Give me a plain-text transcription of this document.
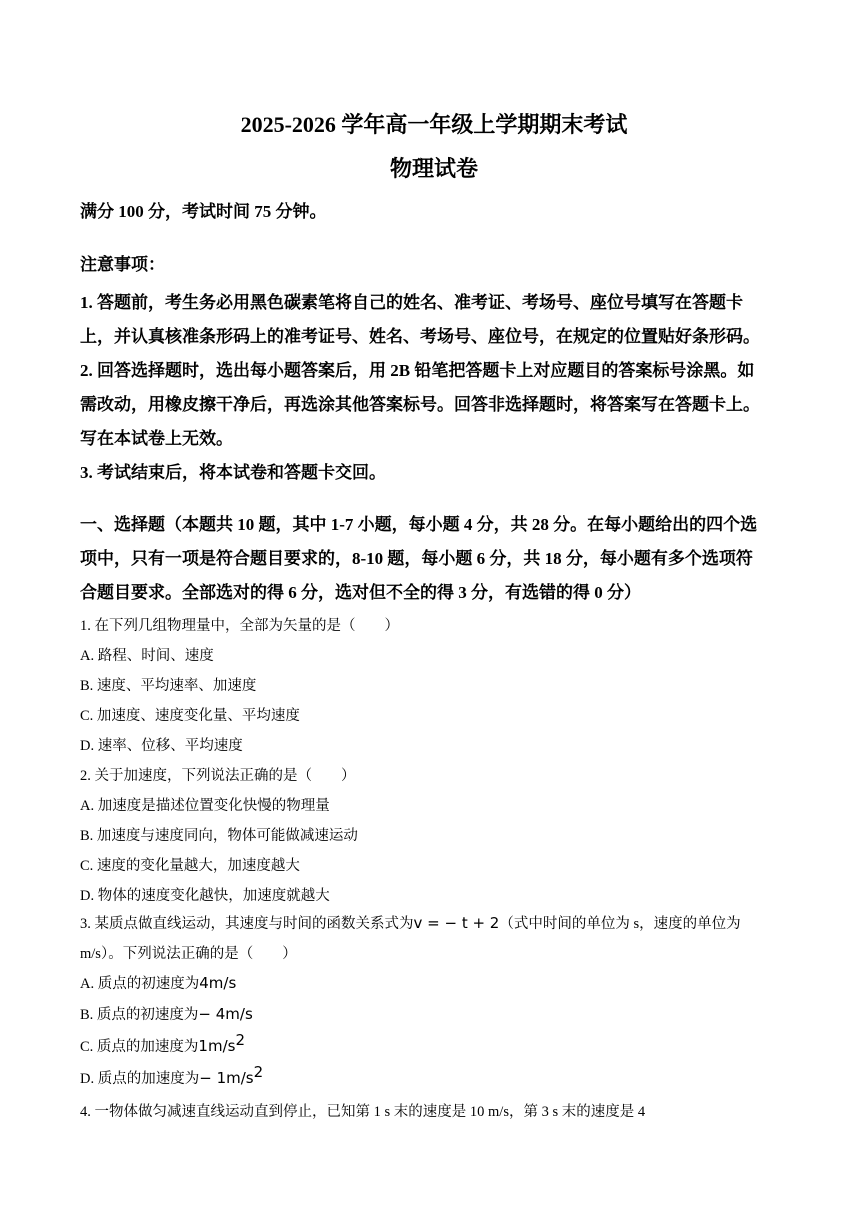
2025-2026 学年高一年级上学期期末考试
物理试卷
满分 100 分，考试时间 75 分钟。
注意事项：
1. 答题前，考生务必用黑色碳素笔将自己的姓名、准考证、考场号、座位号填写在答题卡
上，并认真核准条形码上的准考证号、姓名、考场号、座位号，在规定的位置贴好条形码。
2. 回答选择题时，选出每小题答案后，用 2B 铅笔把答题卡上对应题目的答案标号涂黑。如
需改动，用橡皮擦干净后，再选涂其他答案标号。回答非选择题时，将答案写在答题卡上。
写在本试卷上无效。
3. 考试结束后，将本试卷和答题卡交回。
一、选择题（本题共 10 题，其中 1-7 小题，每小题 4 分，共 28 分。在每小题给出的四个选
项中，只有一项是符合题目要求的，8-10 题，每小题 6 分，共 18 分，每小题有多个选项符
合题目要求。全部选对的得 6 分，选对但不全的得 3 分，有选错的得 0 分）
1. 在下列几组物理量中，全部为矢量的是（　　）
A. 路程、时间、速度
B. 速度、平均速率、加速度
C. 加速度、速度变化量、平均速度
D. 速率、位移、平均速度
2. 关于加速度，下列说法正确的是（　　）
A. 加速度是描述位置变化快慢的物理量
B. 加速度与速度同向，物体可能做减速运动
C. 速度的变化量越大，加速度越大
D. 物体的速度变化越快，加速度就越大
3. 某质点做直线运动，其速度与时间的函数关系式为v = − t + 2（式中时间的单位为 s，速度的单位为
m/s）。下列说法正确的是（　　）
A. 质点的初速度为4m/s
B. 质点的初速度为− 4m/s
C. 质点的加速度为$1m/s^2$
D. 质点的加速度为− $1m/s^2$
4. 一物体做匀减速直线运动直到停止，已知第 1 s 末的速度是 10 m/s，第 3 s 末的速度是 4
